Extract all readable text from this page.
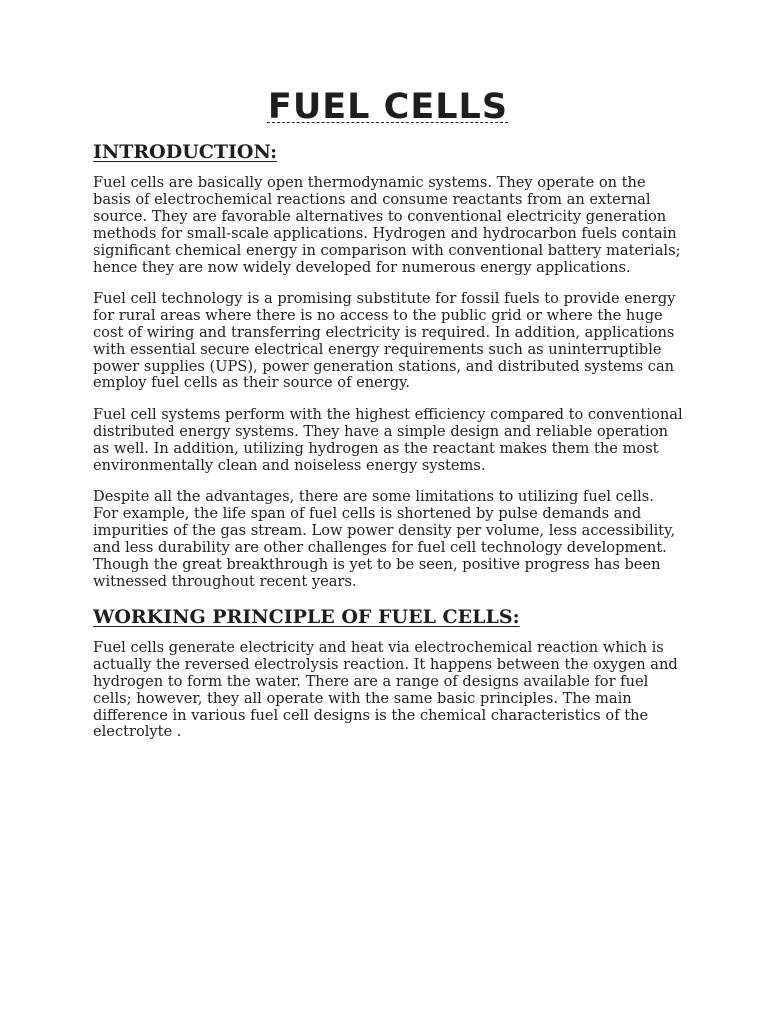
FUEL CELLS
INTRODUCTION:

Fuel cells are basically open thermodynamic systems. They operate on the basis of electrochemical reactions and consume reactants from an external source. They are favorable alternatives to conventional electricity generation methods for small-scale applications. Hydrogen and hydrocarbon fuels contain significant chemical energy in comparison with conventional battery materials; hence they are now widely developed for numerous energy applications.

Fuel cell technology is a promising substitute for fossil fuels to provide energy for rural areas where there is no access to the public grid or where the huge cost of wiring and transferring electricity is required. In addition, applications with essential secure electrical energy requirements such as uninterruptible power supplies (UPS), power generation stations, and distributed systems can employ fuel cells as their source of energy.

Fuel cell systems perform with the highest efficiency compared to conventional distributed energy systems. They have a simple design and reliable operation as well. In addition, utilizing hydrogen as the reactant makes them the most environmentally clean and noiseless energy systems.

Despite all the advantages, there are some limitations to utilizing fuel cells. For example, the life span of fuel cells is shortened by pulse demands and impurities of the gas stream. Low power density per volume, less accessibility, and less durability are other challenges for fuel cell technology development. Though the great breakthrough is yet to be seen, positive progress has been witnessed throughout recent years.

WORKING PRINCIPLE OF FUEL CELLS:

Fuel cells generate electricity and heat via electrochemical reaction which is actually the reversed electrolysis reaction. It happens between the oxygen and hydrogen to form the water. There are a range of designs available for fuel cells; however, they all operate with the same basic principles. The main difference in various fuel cell designs is the chemical characteristics of the electrolyte .
